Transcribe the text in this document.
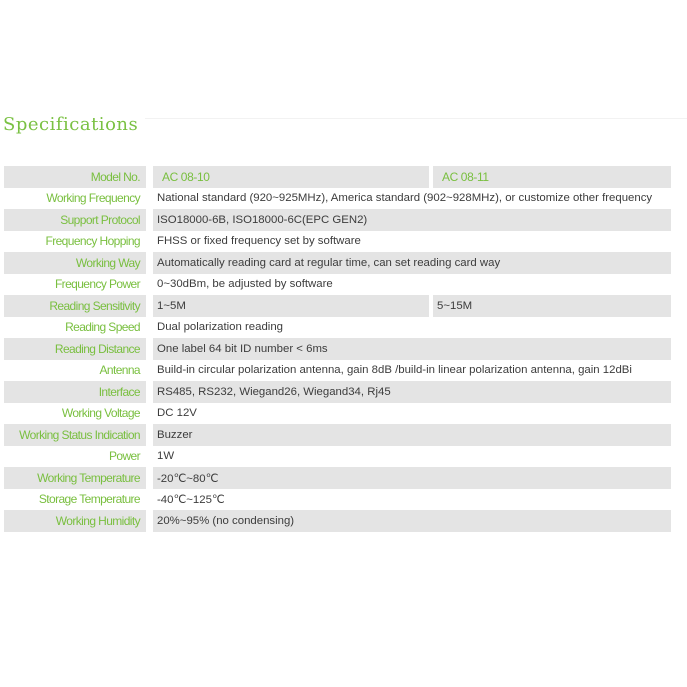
Specifications
Model No.	AC 08-10	AC 08-11
Working Frequency	National standard (920~925MHz), America standard (902~928MHz), or customize other frequency
Support Protocol	ISO18000-6B, ISO18000-6C(EPC GEN2)
Frequency Hopping	FHSS or fixed frequency set by software
Working Way	Automatically reading card at regular time, can set reading card way
Frequency Power	0~30dBm, be adjusted by software
Reading Sensitivity	1~5M	5~15M
Reading Speed	Dual polarization reading
Reading Distance	One label 64 bit ID number < 6ms
Antenna	Build-in circular polarization antenna, gain 8dB /build-in linear polarization antenna, gain 12dBi
Interface	RS485, RS232, Wiegand26, Wiegand34, Rj45
Working Voltage	DC 12V
Working Status Indication	Buzzer
Power	1W
Working Temperature	-20℃~80℃
Storage Temperature	-40℃~125℃
Working Humidity	20%~95% (no condensing)
